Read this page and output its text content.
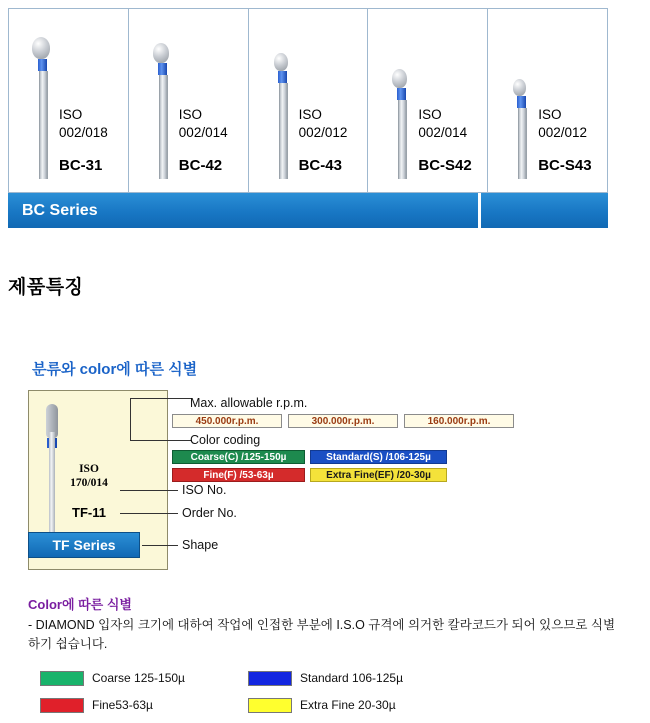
ISO
002/018
BC-31
ISO
002/014
BC-42
ISO
002/012
BC-43
ISO
002/014
BC-S42
ISO
002/012
BC-S43
BC Series
제품특징
분류와 color에 따른 식별
ISO
170/014
TF-11
TF Series
ISO No.
Order No.
Shape
Max. allowable r.p.m.
450.000r.p.m.	300.000r.p.m.	160.000r.p.m.
Color coding
Coarse(C) /125-150µ	Standard(S) /106-125µ
Fine(F) /53-63µ	Extra Fine(EF) /20-30µ
Color에 따른 식별
- DIAMOND 입자의 크기에 대하여 작업에 인접한 부분에 I.S.O 규격에 의거한 칼라코드가 되어 있으므로 식별하기 쉽습니다.
Coarse 125-150µ	Standard 106-125µ
Fine53-63µ	Extra Fine 20-30µ
